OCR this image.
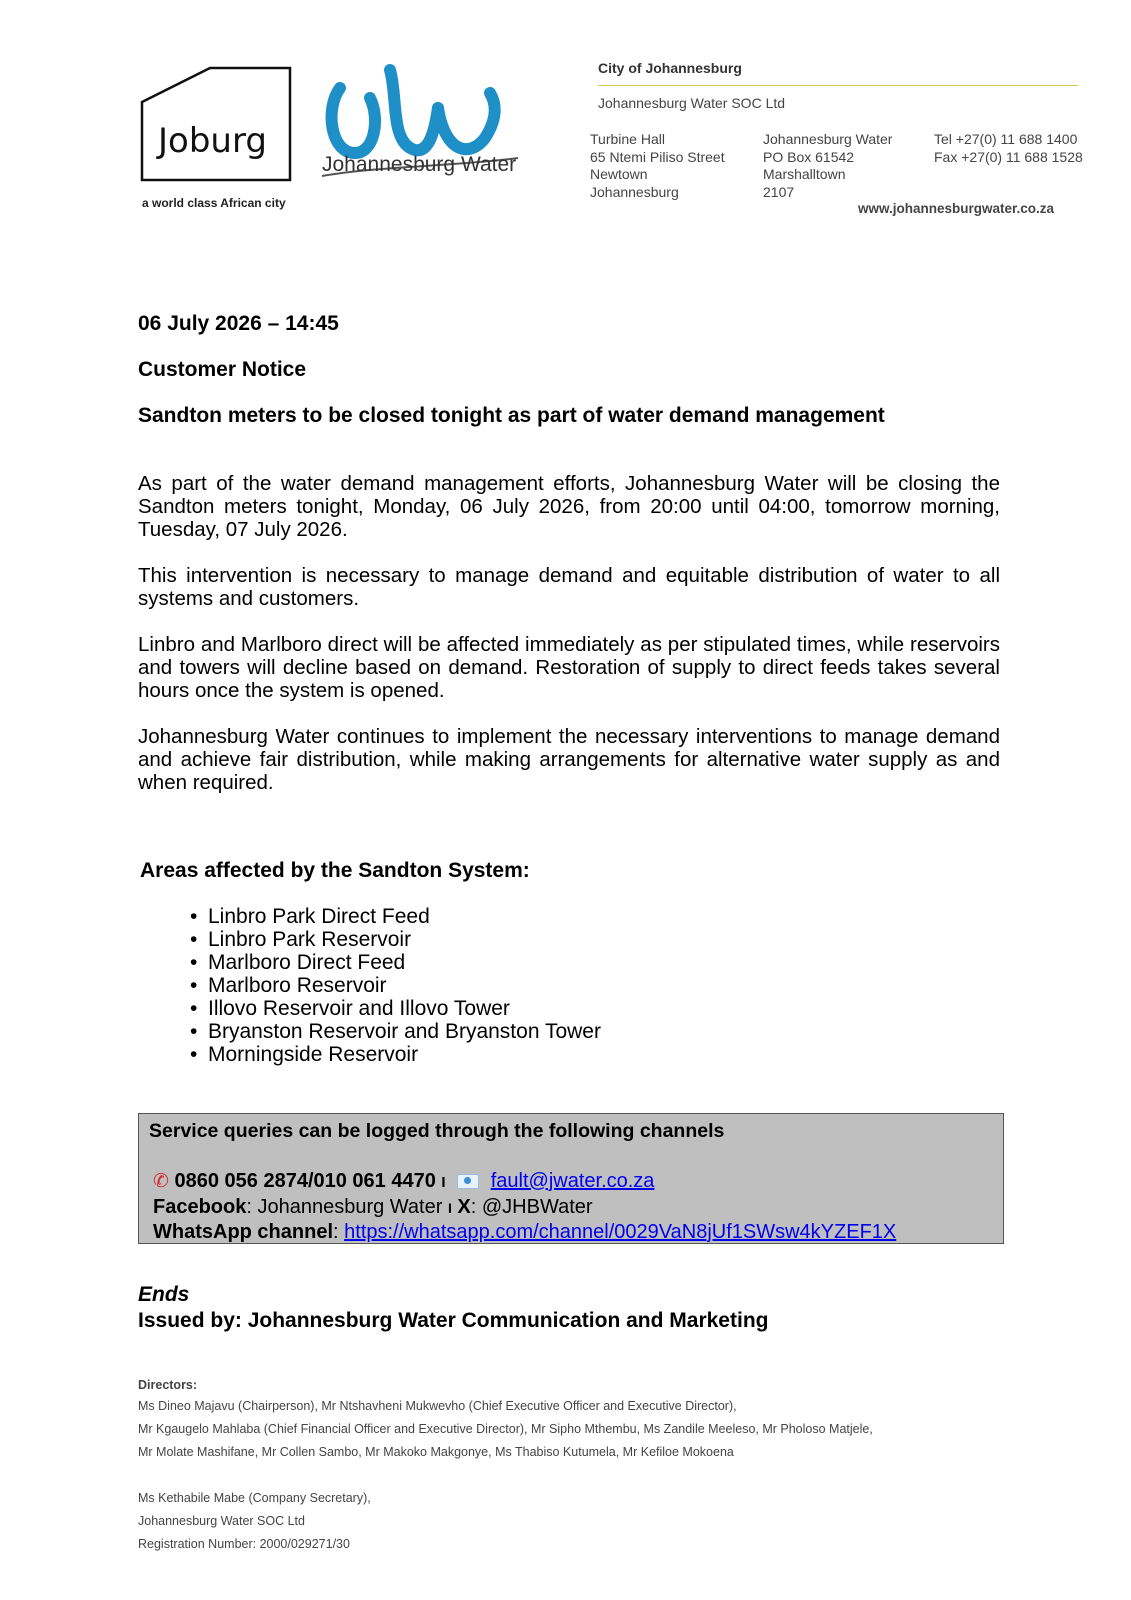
Joburg
a world class African city
Johannesburg Water
City of Johannesburg
Johannesburg Water SOC Ltd
Turbine Hall
65 Ntemi Piliso Street
Newtown
Johannesburg
Johannesburg Water
PO Box 61542
Marshalltown
2107
Tel +27(0) 11 688 1400
Fax +27(0) 11 688 1528
www.johannesburgwater.co.za
06 July 2026 – 14:45
Customer Notice
Sandton meters to be closed tonight as part of water demand management
As part of the water demand management efforts, Johannesburg Water will be closing the Sandton meters tonight, Monday, 06 July 2026, from 20:00 until 04:00, tomorrow morning, Tuesday, 07 July 2026.
This intervention is necessary to manage demand and equitable distribution of water to all systems and customers.
Linbro and Marlboro direct will be affected immediately as per stipulated times, while reservoirs and towers will decline based on demand. Restoration of supply to direct feeds takes several hours once the system is opened.
Johannesburg Water continues to implement the necessary interventions to manage demand and achieve fair distribution, while making arrangements for alternative water supply as and when required.
Areas affected by the Sandton System:
• Linbro Park Direct Feed
• Linbro Park Reservoir
• Marlboro Direct Feed
• Marlboro Reservoir
• Illovo Reservoir and Illovo Tower
• Bryanston Reservoir and Bryanston Tower
• Morningside Reservoir
Service queries can be logged through the following channels
✆ 0860 056 2874/010 061 4470 I fault@jwater.co.za
Facebook: Johannesburg Water I X: @JHBWater
WhatsApp channel: https://whatsapp.com/channel/0029VaN8jUf1SWsw4kYZEF1X
Ends
Issued by: Johannesburg Water Communication and Marketing
Directors:
Ms Dineo Majavu (Chairperson), Mr Ntshavheni Mukwevho (Chief Executive Officer and Executive Director),
Mr Kgaugelo Mahlaba (Chief Financial Officer and Executive Director), Mr Sipho Mthembu, Ms Zandile Meeleso, Mr Pholoso Matjele,
Mr Molate Mashifane, Mr Collen Sambo, Mr Makoko Makgonye, Ms Thabiso Kutumela, Mr Kefiloe Mokoena
Ms Kethabile Mabe (Company Secretary),
Johannesburg Water SOC Ltd
Registration Number: 2000/029271/30
